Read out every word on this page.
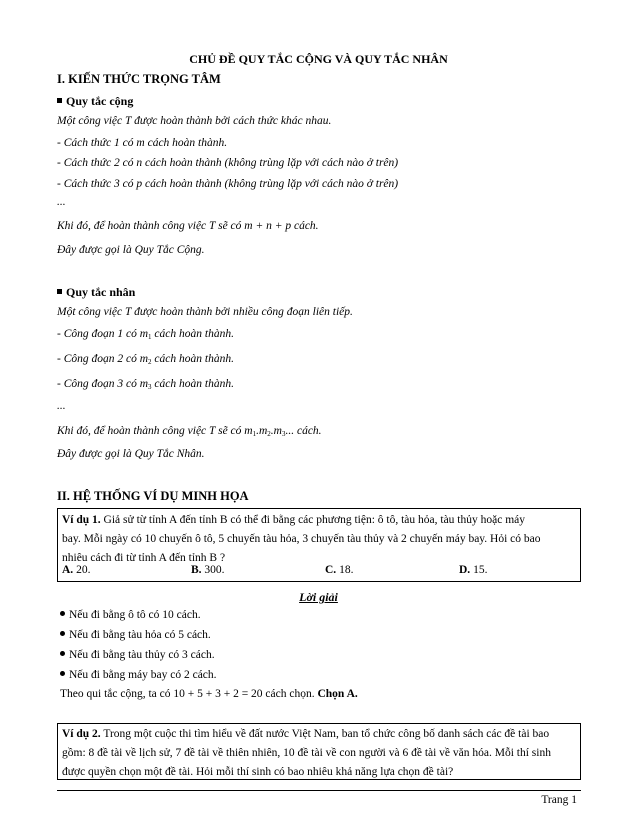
CHỦ ĐỀ QUY TẮC CỘNG VÀ QUY TẮC NHÂN
I. KIẾN THỨC TRỌNG TÂM
Quy tắc cộng
Một công việc T được hoàn thành bởi cách thức khác nhau.
- Cách thức 1 có m cách hoàn thành.
- Cách thức 2 có n cách hoàn thành (không trùng lặp với cách nào ở trên)
- Cách thức 3 có p cách hoàn thành (không trùng lặp với cách nào ở trên)
...
Khi đó, để hoàn thành công việc T sẽ có m + n + p cách.
Đây được gọi là Quy Tắc Cộng.
Quy tắc nhân
Một công việc T được hoàn thành bởi nhiều công đoạn liên tiếp.
- Công đoạn 1 có $m_1$ cách hoàn thành.
- Công đoạn 2 có $m_2$ cách hoàn thành.
- Công đoạn 3 có $m_3$ cách hoàn thành.
...
Khi đó, để hoàn thành công việc T sẽ có $m_1.m_2.m_3$... cách.
Đây được gọi là Quy Tắc Nhân.
II. HỆ THỐNG VÍ DỤ MINH HỌA
Ví dụ 1. Giả sử từ tỉnh A đến tỉnh B có thể đi bằng các phương tiện: ô tô, tàu hỏa, tàu thủy hoặc máy
bay. Mỗi ngày có 10 chuyến ô tô, 5 chuyến tàu hỏa, 3 chuyến tàu thủy và 2 chuyến máy bay. Hỏi có bao
nhiêu cách đi từ tỉnh A đến tỉnh B ?
A. 20.	B. 300.	C. 18.	D. 15.
Lời giải
Nếu đi bằng ô tô có 10 cách.
Nếu đi bằng tàu hỏa có 5 cách.
Nếu đi bằng tàu thủy có 3 cách.
Nếu đi bằng máy bay có 2 cách.
Theo qui tắc cộng, ta có 10 + 5 + 3 + 2 = 20 cách chọn. Chọn A.
Ví dụ 2. Trong một cuộc thi tìm hiểu về đất nước Việt Nam, ban tổ chức công bố danh sách các đề tài bao
gồm: 8 đề tài về lịch sử, 7 đề tài về thiên nhiên, 10 đề tài về con người và 6 đề tài về văn hóa. Mỗi thí sinh
được quyền chọn một đề tài. Hỏi mỗi thí sinh có bao nhiêu khả năng lựa chọn đề tài?
Trang 1
